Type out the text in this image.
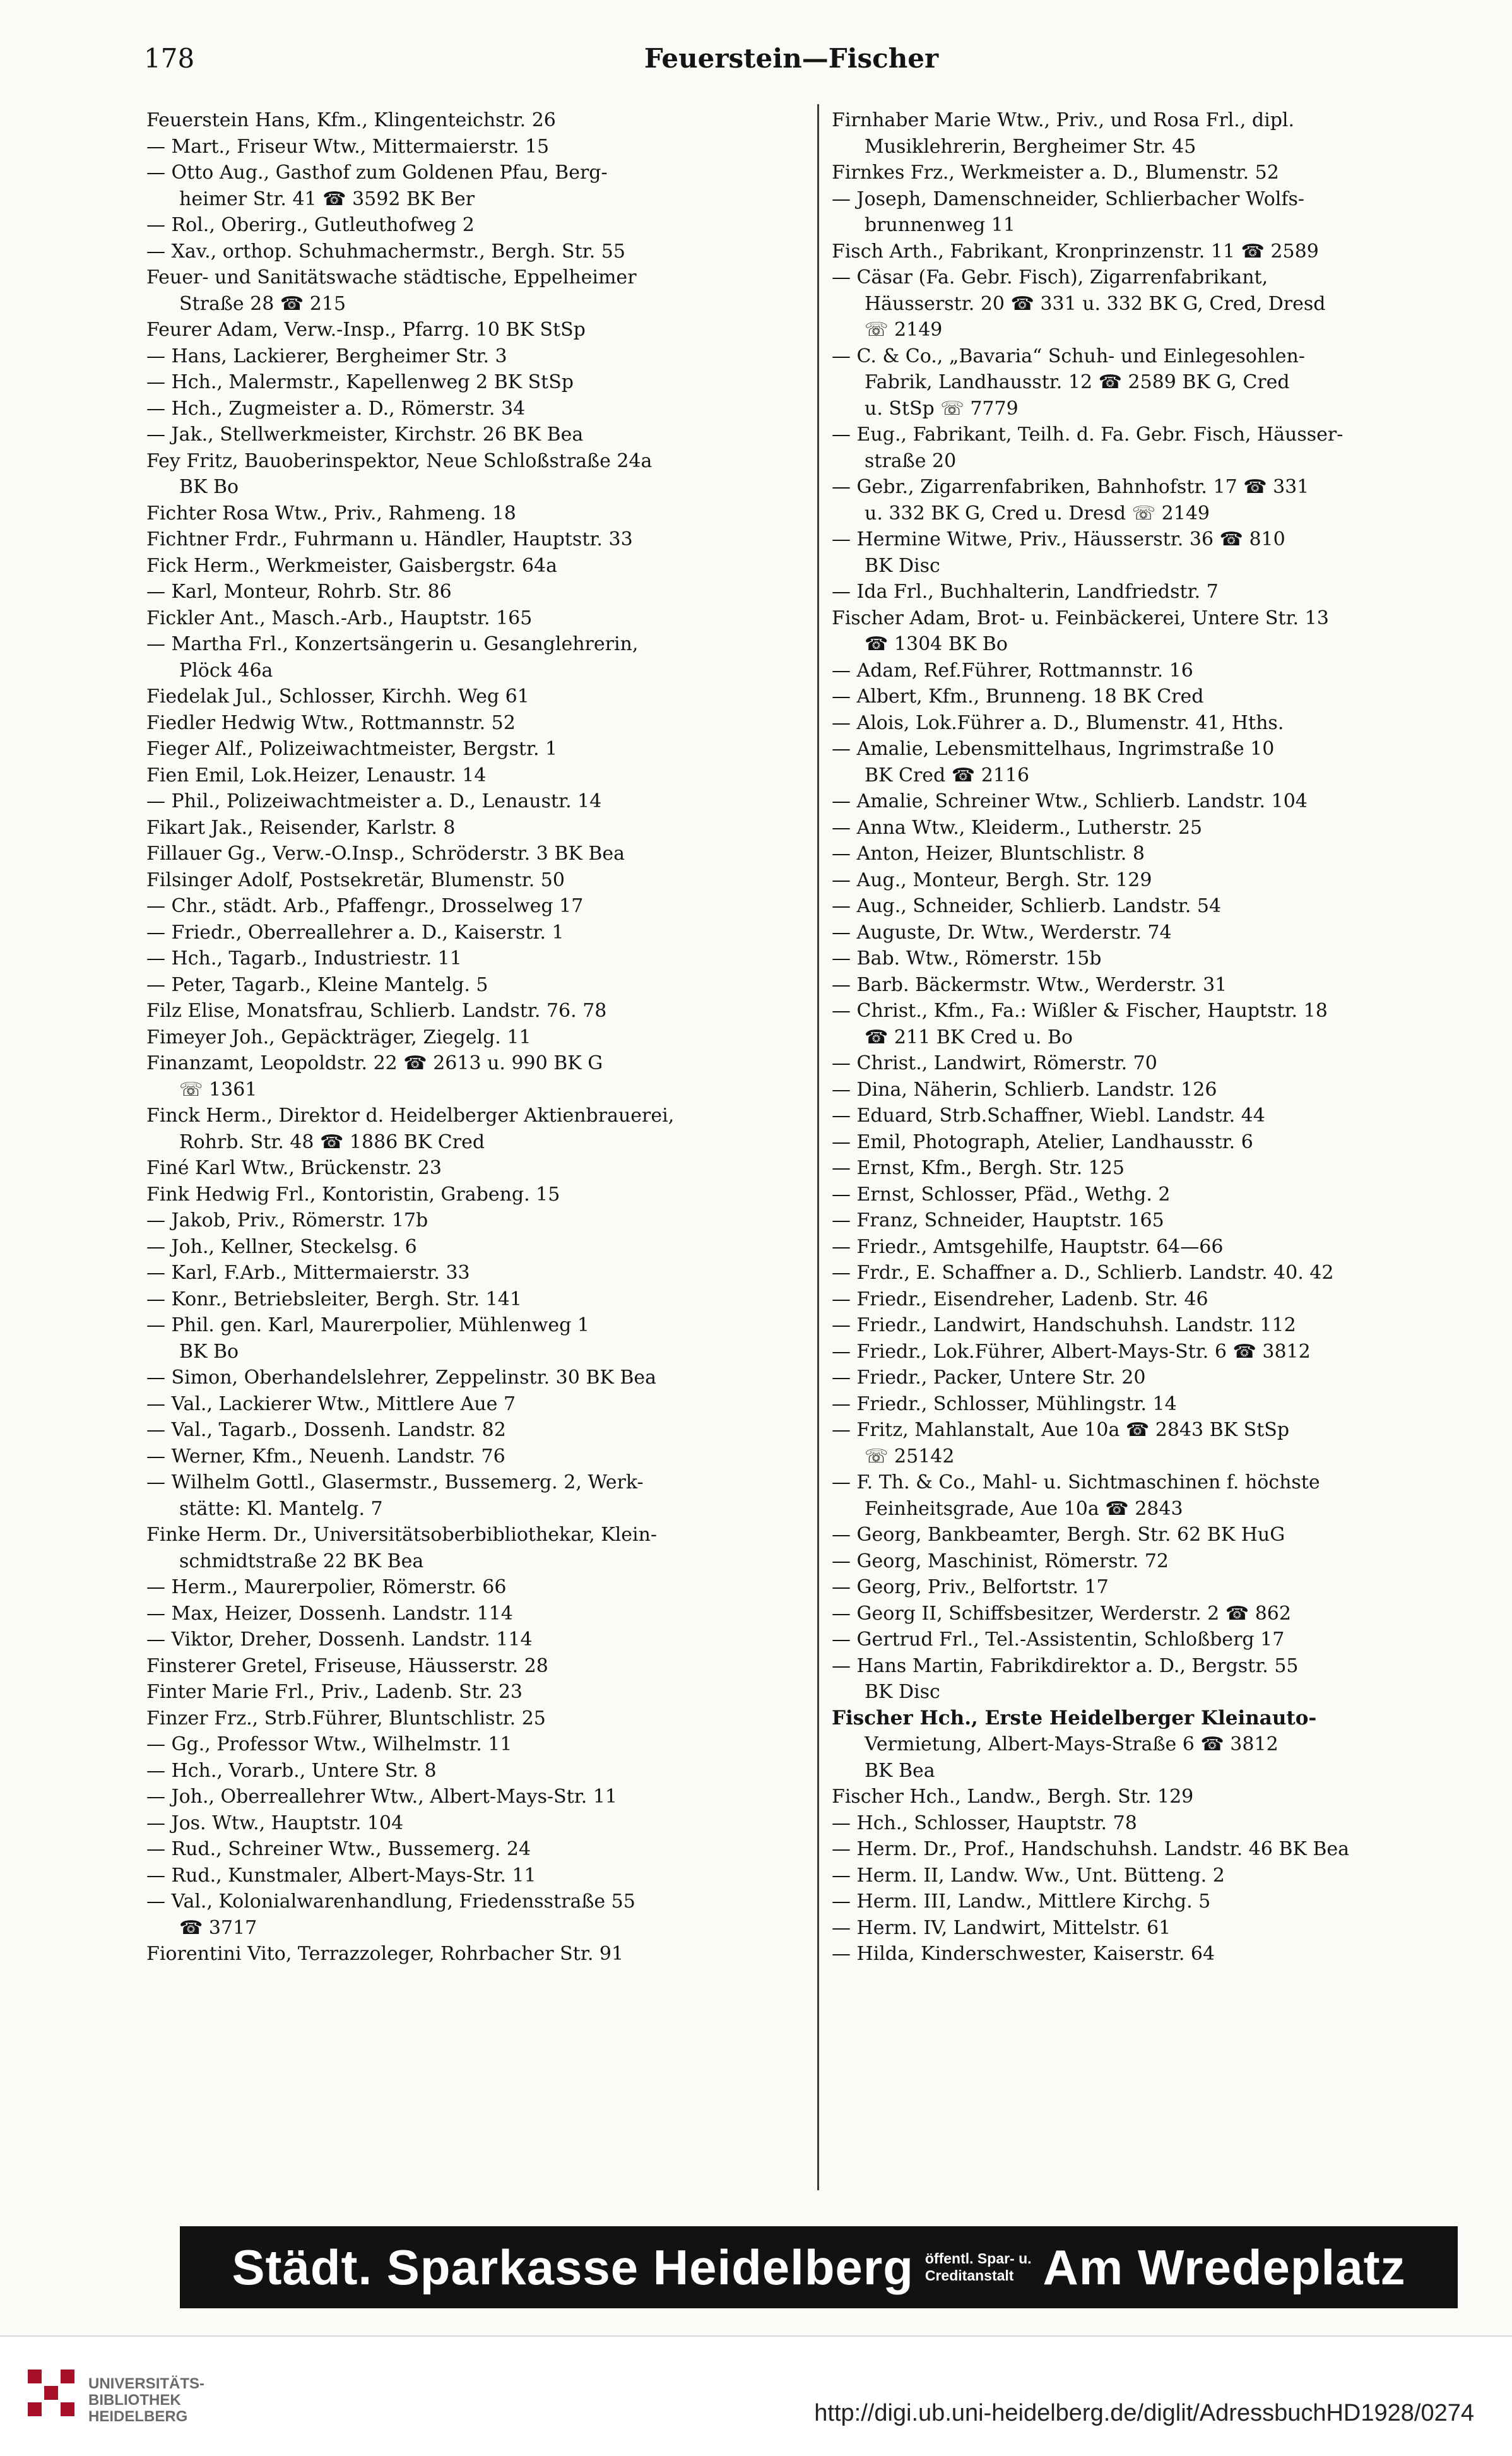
178	Feuerstein—Fischer
Feuerstein Hans, Kfm., Klingenteichstr. 26
— Mart., Friseur Wtw., Mittermaierstr. 15
— Otto Aug., Gasthof zum Goldenen Pfau, Berg-
heimer Str. 41 ☎ 3592 BK Ber
— Rol., Oberirg., Gutleuthofweg 2
— Xav., orthop. Schuhmachermstr., Bergh. Str. 55
Feuer- und Sanitätswache städtische, Eppelheimer
Straße 28 ☎ 215
Feurer Adam, Verw.-Insp., Pfarrg. 10 BK StSp
— Hans, Lackierer, Bergheimer Str. 3
— Hch., Malermstr., Kapellenweg 2 BK StSp
— Hch., Zugmeister a. D., Römerstr. 34
— Jak., Stellwerkmeister, Kirchstr. 26 BK Bea
Fey Fritz, Bauoberinspektor, Neue Schloßstraße 24a
BK Bo
Fichter Rosa Wtw., Priv., Rahmeng. 18
Fichtner Frdr., Fuhrmann u. Händler, Hauptstr. 33
Fick Herm., Werkmeister, Gaisbergstr. 64a
— Karl, Monteur, Rohrb. Str. 86
Fickler Ant., Masch.-Arb., Hauptstr. 165
— Martha Frl., Konzertsängerin u. Gesanglehrerin,
Plöck 46a
Fiedelak Jul., Schlosser, Kirchh. Weg 61
Fiedler Hedwig Wtw., Rottmannstr. 52
Fieger Alf., Polizeiwachtmeister, Bergstr. 1
Fien Emil, Lok.Heizer, Lenaustr. 14
— Phil., Polizeiwachtmeister a. D., Lenaustr. 14
Fikart Jak., Reisender, Karlstr. 8
Fillauer Gg., Verw.-O.Insp., Schröderstr. 3 BK Bea
Filsinger Adolf, Postsekretär, Blumenstr. 50
— Chr., städt. Arb., Pfaffengr., Drosselweg 17
— Friedr., Oberreallehrer a. D., Kaiserstr. 1
— Hch., Tagarb., Industriestr. 11
— Peter, Tagarb., Kleine Mantelg. 5
Filz Elise, Monatsfrau, Schlierb. Landstr. 76. 78
Fimeyer Joh., Gepäckträger, Ziegelg. 11
Finanzamt, Leopoldstr. 22 ☎ 2613 u. 990 BK G
☏ 1361
Finck Herm., Direktor d. Heidelberger Aktienbrauerei,
Rohrb. Str. 48 ☎ 1886 BK Cred
Finé Karl Wtw., Brückenstr. 23
Fink Hedwig Frl., Kontoristin, Grabeng. 15
— Jakob, Priv., Römerstr. 17b
— Joh., Kellner, Steckelsg. 6
— Karl, F.Arb., Mittermaierstr. 33
— Konr., Betriebsleiter, Bergh. Str. 141
— Phil. gen. Karl, Maurerpolier, Mühlenweg 1
BK Bo
— Simon, Oberhandelslehrer, Zeppelinstr. 30 BK Bea
— Val., Lackierer Wtw., Mittlere Aue 7
— Val., Tagarb., Dossenh. Landstr. 82
— Werner, Kfm., Neuenh. Landstr. 76
— Wilhelm Gottl., Glasermstr., Bussemerg. 2, Werk-
stätte: Kl. Mantelg. 7
Finke Herm. Dr., Universitätsoberbibliothekar, Klein-
schmidtstraße 22 BK Bea
— Herm., Maurerpolier, Römerstr. 66
— Max, Heizer, Dossenh. Landstr. 114
— Viktor, Dreher, Dossenh. Landstr. 114
Finsterer Gretel, Friseuse, Häusserstr. 28
Finter Marie Frl., Priv., Ladenb. Str. 23
Finzer Frz., Strb.Führer, Bluntschlistr. 25
— Gg., Professor Wtw., Wilhelmstr. 11
— Hch., Vorarb., Untere Str. 8
— Joh., Oberreallehrer Wtw., Albert-Mays-Str. 11
— Jos. Wtw., Hauptstr. 104
— Rud., Schreiner Wtw., Bussemerg. 24
— Rud., Kunstmaler, Albert-Mays-Str. 11
— Val., Kolonialwarenhandlung, Friedensstraße 55
☎ 3717
Fiorentini Vito, Terrazzoleger, Rohrbacher Str. 91
Firnhaber Marie Wtw., Priv., und Rosa Frl., dipl.
Musiklehrerin, Bergheimer Str. 45
Firnkes Frz., Werkmeister a. D., Blumenstr. 52
— Joseph, Damenschneider, Schlierbacher Wolfs-
brunnenweg 11
Fisch Arth., Fabrikant, Kronprinzenstr. 11 ☎ 2589
— Cäsar (Fa. Gebr. Fisch), Zigarrenfabrikant,
Häusserstr. 20 ☎ 331 u. 332 BK G, Cred, Dresd
☏ 2149
— C. & Co., „Bavaria“ Schuh- und Einlegesohlen-
Fabrik, Landhausstr. 12 ☎ 2589 BK G, Cred
u. StSp ☏ 7779
— Eug., Fabrikant, Teilh. d. Fa. Gebr. Fisch, Häusser-
straße 20
— Gebr., Zigarrenfabriken, Bahnhofstr. 17 ☎ 331
u. 332 BK G, Cred u. Dresd ☏ 2149
— Hermine Witwe, Priv., Häusserstr. 36 ☎ 810
BK Disc
— Ida Frl., Buchhalterin, Landfriedstr. 7
Fischer Adam, Brot- u. Feinbäckerei, Untere Str. 13
☎ 1304 BK Bo
— Adam, Ref.Führer, Rottmannstr. 16
— Albert, Kfm., Brunneng. 18 BK Cred
— Alois, Lok.Führer a. D., Blumenstr. 41, Hths.
— Amalie, Lebensmittelhaus, Ingrimstraße 10
BK Cred ☎ 2116
— Amalie, Schreiner Wtw., Schlierb. Landstr. 104
— Anna Wtw., Kleiderm., Lutherstr. 25
— Anton, Heizer, Bluntschlistr. 8
— Aug., Monteur, Bergh. Str. 129
— Aug., Schneider, Schlierb. Landstr. 54
— Auguste, Dr. Wtw., Werderstr. 74
— Bab. Wtw., Römerstr. 15b
— Barb. Bäckermstr. Wtw., Werderstr. 31
— Christ., Kfm., Fa.: Wißler & Fischer, Hauptstr. 18
☎ 211 BK Cred u. Bo
— Christ., Landwirt, Römerstr. 70
— Dina, Näherin, Schlierb. Landstr. 126
— Eduard, Strb.Schaffner, Wiebl. Landstr. 44
— Emil, Photograph, Atelier, Landhausstr. 6
— Ernst, Kfm., Bergh. Str. 125
— Ernst, Schlosser, Pfäd., Wethg. 2
— Franz, Schneider, Hauptstr. 165
— Friedr., Amtsgehilfe, Hauptstr. 64—66
— Frdr., E. Schaffner a. D., Schlierb. Landstr. 40. 42
— Friedr., Eisendreher, Ladenb. Str. 46
— Friedr., Landwirt, Handschuhsh. Landstr. 112
— Friedr., Lok.Führer, Albert-Mays-Str. 6 ☎ 3812
— Friedr., Packer, Untere Str. 20
— Friedr., Schlosser, Mühlingstr. 14
— Fritz, Mahlanstalt, Aue 10a ☎ 2843 BK StSp
☏ 25142
— F. Th. & Co., Mahl- u. Sichtmaschinen f. höchste
Feinheitsgrade, Aue 10a ☎ 2843
— Georg, Bankbeamter, Bergh. Str. 62 BK HuG
— Georg, Maschinist, Römerstr. 72
— Georg, Priv., Belfortstr. 17
— Georg II, Schiffsbesitzer, Werderstr. 2 ☎ 862
— Gertrud Frl., Tel.-Assistentin, Schloßberg 17
— Hans Martin, Fabrikdirektor a. D., Bergstr. 55
BK Disc
Fischer Hch., Erste Heidelberger Kleinauto-
Vermietung, Albert-Mays-Straße 6 ☎ 3812
BK Bea
Fischer Hch., Landw., Bergh. Str. 129
— Hch., Schlosser, Hauptstr. 78
— Herm. Dr., Prof., Handschuhsh. Landstr. 46 BK Bea
— Herm. II, Landw. Ww., Unt. Bütteng. 2
— Herm. III, Landw., Mittlere Kirchg. 5
— Herm. IV, Landwirt, Mittelstr. 61
— Hilda, Kinderschwester, Kaiserstr. 64
Städt. Sparkasse Heidelberg öffentl. Spar- u.
Creditanstalt Am Wredeplatz
UNIVERSITÄTS-
BIBLIOTHEK
HEIDELBERG	http://digi.ub.uni-heidelberg.de/diglit/AdressbuchHD1928/0274
